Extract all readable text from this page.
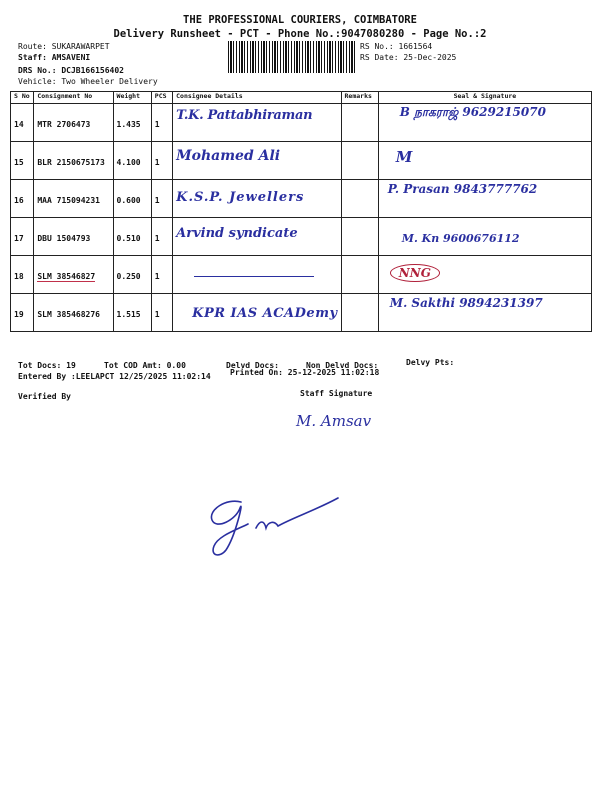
THE PROFESSIONAL COURIERS, COIMBATORE
Delivery Runsheet - PCT - Phone No.:9047080280 - Page No.:2
Route: SUKARAWARPET
Staff: AMSAVENI
DRS No.: DCJB166156402
Vehicle: Two Wheeler Delivery
RS No.: 1661564
RS Date: 25-Dec-2025
S No	Consignment No	Weight	PCS	Consignee Details	Remarks	Seal & Signature
14	MTR 2706473	1.435	1	T.K. Pattabhiraman		B நாகராஜ் 9629215070

15	BLR 2150675173	4.100	1	Mohamed Ali		M
16	MAA 715094231	0.600	1	K.S.P. Jewellers		P. Prasan 9843777762

17	DBU 1504793	0.510	1	Arvind syndicate		M. Kn 9600676112
18	SLM 38546827	0.250	1			NNG
19	SLM 385468276	1.515	1	KPR IAS ACADemy		M. Sakthi 9894231397
Tot Docs: 19	Tot COD Amt: 0.00	Delvd Docs:	Non Delvd Docs:	Delvy Pts:
Entered By :LEELAPCT 12/25/2025 11:02:14 Printed On: 25-12-2025 11:02:18
Verified By	Staff Signature
M. Amsav
